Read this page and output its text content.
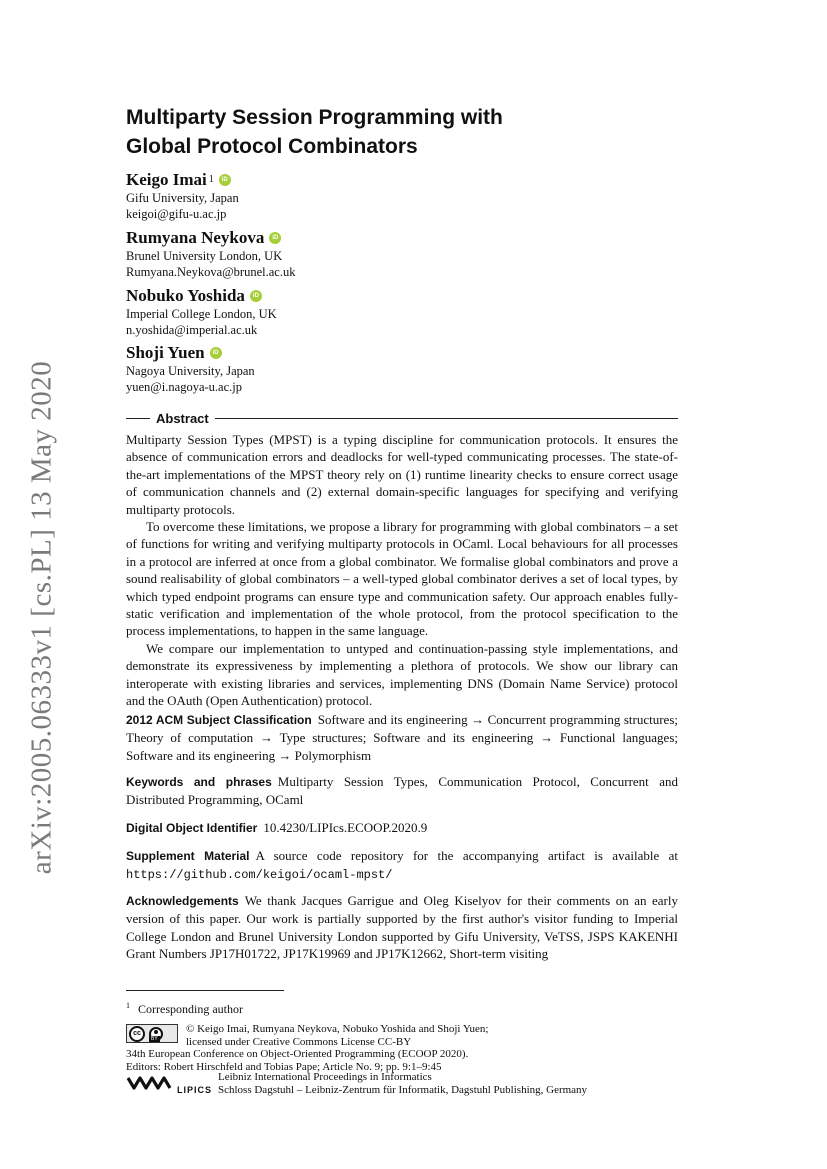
arXiv:2005.06333v1 [cs.PL] 13 May 2020
Multiparty Session Programming with
Global Protocol Combinators
Keigo Imai 1	iD
Gifu University, Japan
keigoi@gifu-u.ac.jp
Rumyana Neykova	iD
Brunel University London, UK
Rumyana.Neykova@brunel.ac.uk
Nobuko Yoshida	iD
Imperial College London, UK
n.yoshida@imperial.ac.uk
Shoji Yuen	iD
Nagoya University, Japan
yuen@i.nagoya-u.ac.jp
Abstract

Multiparty Session Types (MPST) is a typing discipline for communication protocols. It ensures the absence of communication errors and deadlocks for well-typed communicating processes. The state-of-the-art implementations of the MPST theory rely on (1) runtime linearity checks to ensure correct usage of communication channels and (2) external domain-specific languages for specifying and verifying multiparty protocols.

To overcome these limitations, we propose a library for programming with global combinators – a set of functions for writing and verifying multiparty protocols in OCaml. Local behaviours for all processes in a protocol are inferred at once from a global combinator. We formalise global combinators and prove a sound realisability of global combinators – a well-typed global combinator derives a set of local types, by which typed endpoint programs can ensure type and communication safety. Our approach enables fully-static verification and implementation of the whole protocol, from the protocol specification to the process implementations, to happen in the same language.

We compare our implementation to untyped and continuation-passing style implementations, and demonstrate its expressiveness by implementing a plethora of protocols. We show our library can interoperate with existing libraries and services, implementing DNS (Domain Name Service) protocol and the OAuth (Open Authentication) protocol.

2012 ACM Subject Classification Software and its engineering → Concurrent programming structures; Theory of computation → Type structures; Software and its engineering → Functional languages; Software and its engineering → Polymorphism

Keywords and phrases Multiparty Session Types, Communication Protocol, Concurrent and Distributed Programming, OCaml

Digital Object Identifier 10.4230/LIPIcs.ECOOP.2020.9

Supplement Material A source code repository for the accompanying artifact is available at https://github.com/keigoi/ocaml-mpst/

Acknowledgements We thank Jacques Garrigue and Oleg Kiselyov for their comments on an early version of this paper. Our work is partially supported by the first author's visitor funding to Imperial College London and Brunel University London supported by Gifu University, VeTSS, JSPS KAKENHI Grant Numbers JP17H01722, JP17K19969 and JP17K12662, Short-term visiting

$^1$ Corresponding author
cc
BY
© Keigo Imai, Rumyana Neykova, Nobuko Yoshida and Shoji Yuen;
licensed under Creative Commons License CC-BY
34th European Conference on Object-Oriented Programming (ECOOP 2020).
Editors: Robert Hirschfeld and Tobias Pape; Article No. 9; pp. 9:1–9:45
LIPICS
Leibniz International Proceedings in Informatics
Schloss Dagstuhl – Leibniz-Zentrum für Informatik, Dagstuhl Publishing, Germany
